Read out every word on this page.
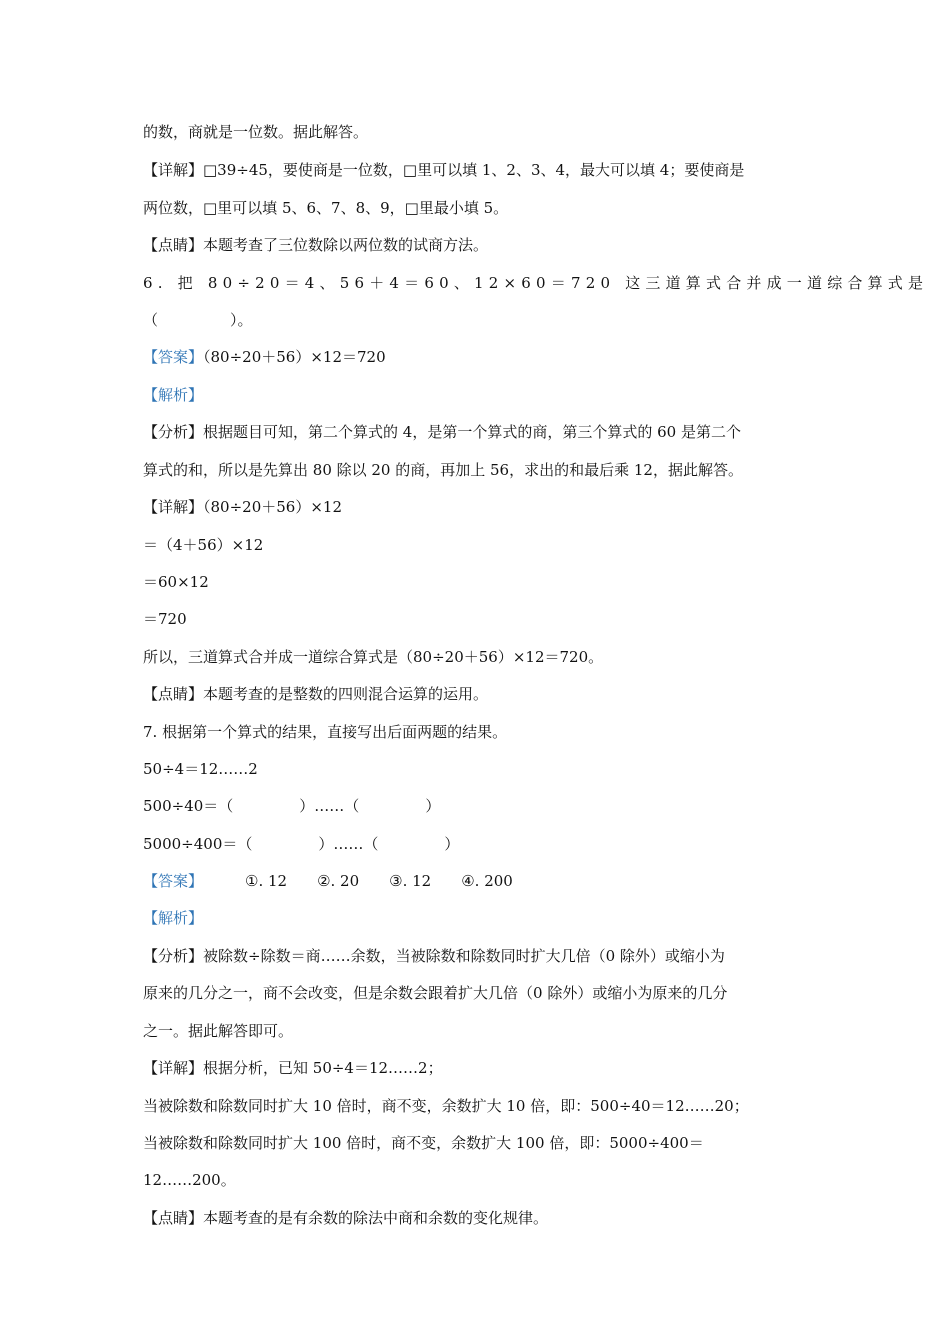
的数，商就是一位数。据此解答。
【详解】□39÷45，要使商是一位数，□里可以填 1、2、3、4，最大可以填 4；要使商是
两位数，□里可以填 5、6、7、8、9，□里最小填 5。
【点睛】本题考查了三位数除以两位数的试商方法。
6. 把 80÷20＝4、56＋4＝60、12×60＝720 这三道算式合并成一道综合算式是
（	）。
【答案】（80÷20＋56）×12＝720
【解析】
【分析】根据题目可知，第二个算式的 4，是第一个算式的商，第三个算式的 60 是第二个
算式的和，所以是先算出 80 除以 20 的商，再加上 56，求出的和最后乘 12，据此解答。
【详解】（80÷20＋56）×12
＝（4＋56）×12
＝60×12
＝720
所以，三道算式合并成一道综合算式是（80÷20＋56）×12＝720。
【点睛】本题考查的是整数的四则混合运算的运用。
7. 根据第一个算式的结果，直接写出后面两题的结果。
50÷4＝12……2
500÷40＝（	）……（	）
5000÷400＝（	）……（	）
【答案】	①. 12 ②. 20 ③. 12 ④. 200
【解析】
【分析】被除数÷除数＝商……余数，当被除数和除数同时扩大几倍（0 除外）或缩小为
原来的几分之一，商不会改变，但是余数会跟着扩大几倍（0 除外）或缩小为原来的几分
之一。据此解答即可。
【详解】根据分析，已知 50÷4＝12……2；
当被除数和除数同时扩大 10 倍时，商不变，余数扩大 10 倍，即：500÷40＝12……20；
当被除数和除数同时扩大 100 倍时，商不变，余数扩大 100 倍，即：5000÷400＝
12……200。
【点睛】本题考查的是有余数的除法中商和余数的变化规律。
